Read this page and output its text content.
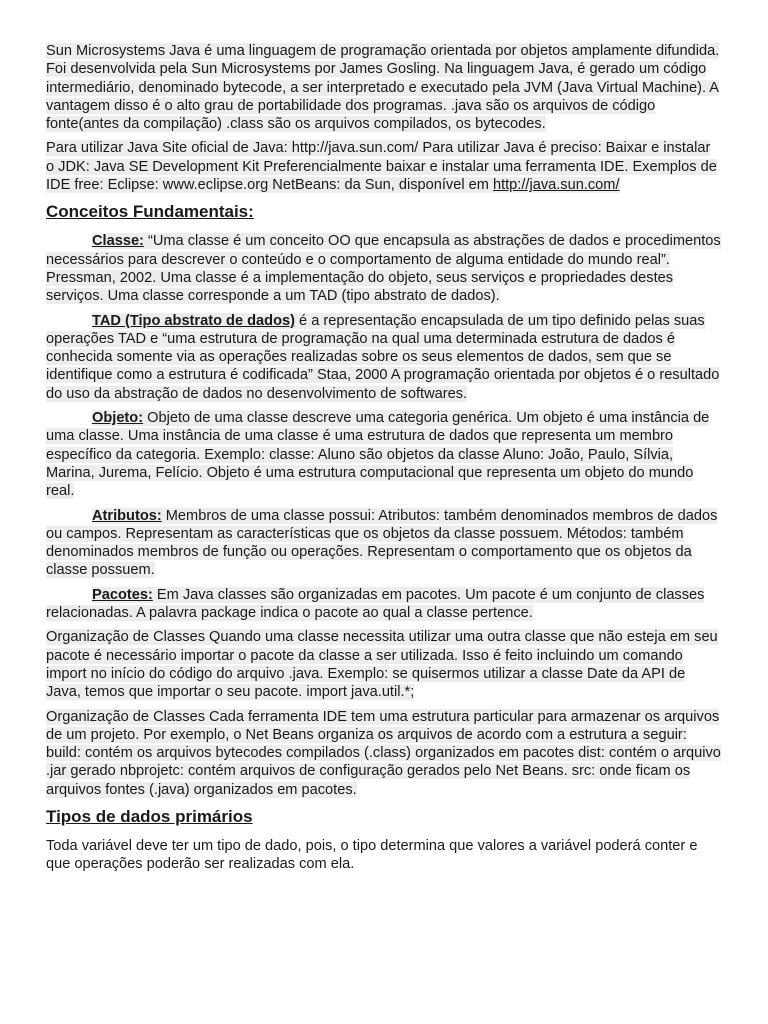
Sun Microsystems Java é uma linguagem de programação orientada por objetos amplamente difundida. Foi desenvolvida pela Sun Microsystems por James Gosling. Na linguagem Java, é gerado um código intermediário, denominado bytecode, a ser interpretado e executado pela JVM (Java Virtual Machine). A vantagem disso é o alto grau de portabilidade dos programas. .java são os arquivos de código fonte(antes da compilação) .class são os arquivos compilados, os bytecodes.

Para utilizar Java Site oficial de Java: http://java.sun.com/ Para utilizar Java é preciso: Baixar e instalar o JDK: Java SE Development Kit Preferencialmente baixar e instalar uma ferramenta IDE. Exemplos de IDE free: Eclipse: www.eclipse.org NetBeans: da Sun, disponível em http://java.sun.com/

Conceitos Fundamentais:

Classe: “Uma classe é um conceito OO que encapsula as abstrações de dados e procedimentos necessários para descrever o conteúdo e o comportamento de alguma entidade do mundo real”. Pressman, 2002. Uma classe é a implementação do objeto, seus serviços e propriedades destes serviços. Uma classe corresponde a um TAD (tipo abstrato de dados).

TAD (Tipo abstrato de dados) é a representação encapsulada de um tipo definido pelas suas operações TAD e “uma estrutura de programação na qual uma determinada estrutura de dados é conhecida somente via as operações realizadas sobre os seus elementos de dados, sem que se identifique como a estrutura é codificada” Staa, 2000 A programação orientada por objetos é o resultado do uso da abstração de dados no desenvolvimento de softwares.

Objeto: Objeto de uma classe descreve uma categoria genérica. Um objeto é uma instância de uma classe. Uma instância de uma classe é uma estrutura de dados que representa um membro específico da categoria. Exemplo: classe: Aluno são objetos da classe Aluno: João, Paulo, Sílvia, Marina, Jurema, Felício. Objeto é uma estrutura computacional que representa um objeto do mundo real.

Atributos: Membros de uma classe possui: Atributos: também denominados membros de dados ou campos. Representam as características que os objetos da classe possuem. Métodos: também denominados membros de função ou operações. Representam o comportamento que os objetos da classe possuem.

Pacotes: Em Java classes são organizadas em pacotes. Um pacote é um conjunto de classes relacionadas. A palavra package indica o pacote ao qual a classe pertence.

Organização de Classes Quando uma classe necessita utilizar uma outra classe que não esteja em seu pacote é necessário importar o pacote da classe a ser utilizada. Isso é feito incluindo um comando import no início do código do arquivo .java. Exemplo: se quisermos utilizar a classe Date da API de Java, temos que importar o seu pacote. import java.util.*;

Organização de Classes Cada ferramenta IDE tem uma estrutura particular para armazenar os arquivos de um projeto. Por exemplo, o Net Beans organiza os arquivos de acordo com a estrutura a seguir: build: contém os arquivos bytecodes compilados (.class) organizados em pacotes dist: contém o arquivo .jar gerado nbprojetc: contém arquivos de configuração gerados pelo Net Beans. src: onde ficam os arquivos fontes (.java) organizados em pacotes.

Tipos de dados primários

Toda variável deve ter um tipo de dado, pois, o tipo determina que valores a variável poderá conter e que operações poderão ser realizadas com ela.
